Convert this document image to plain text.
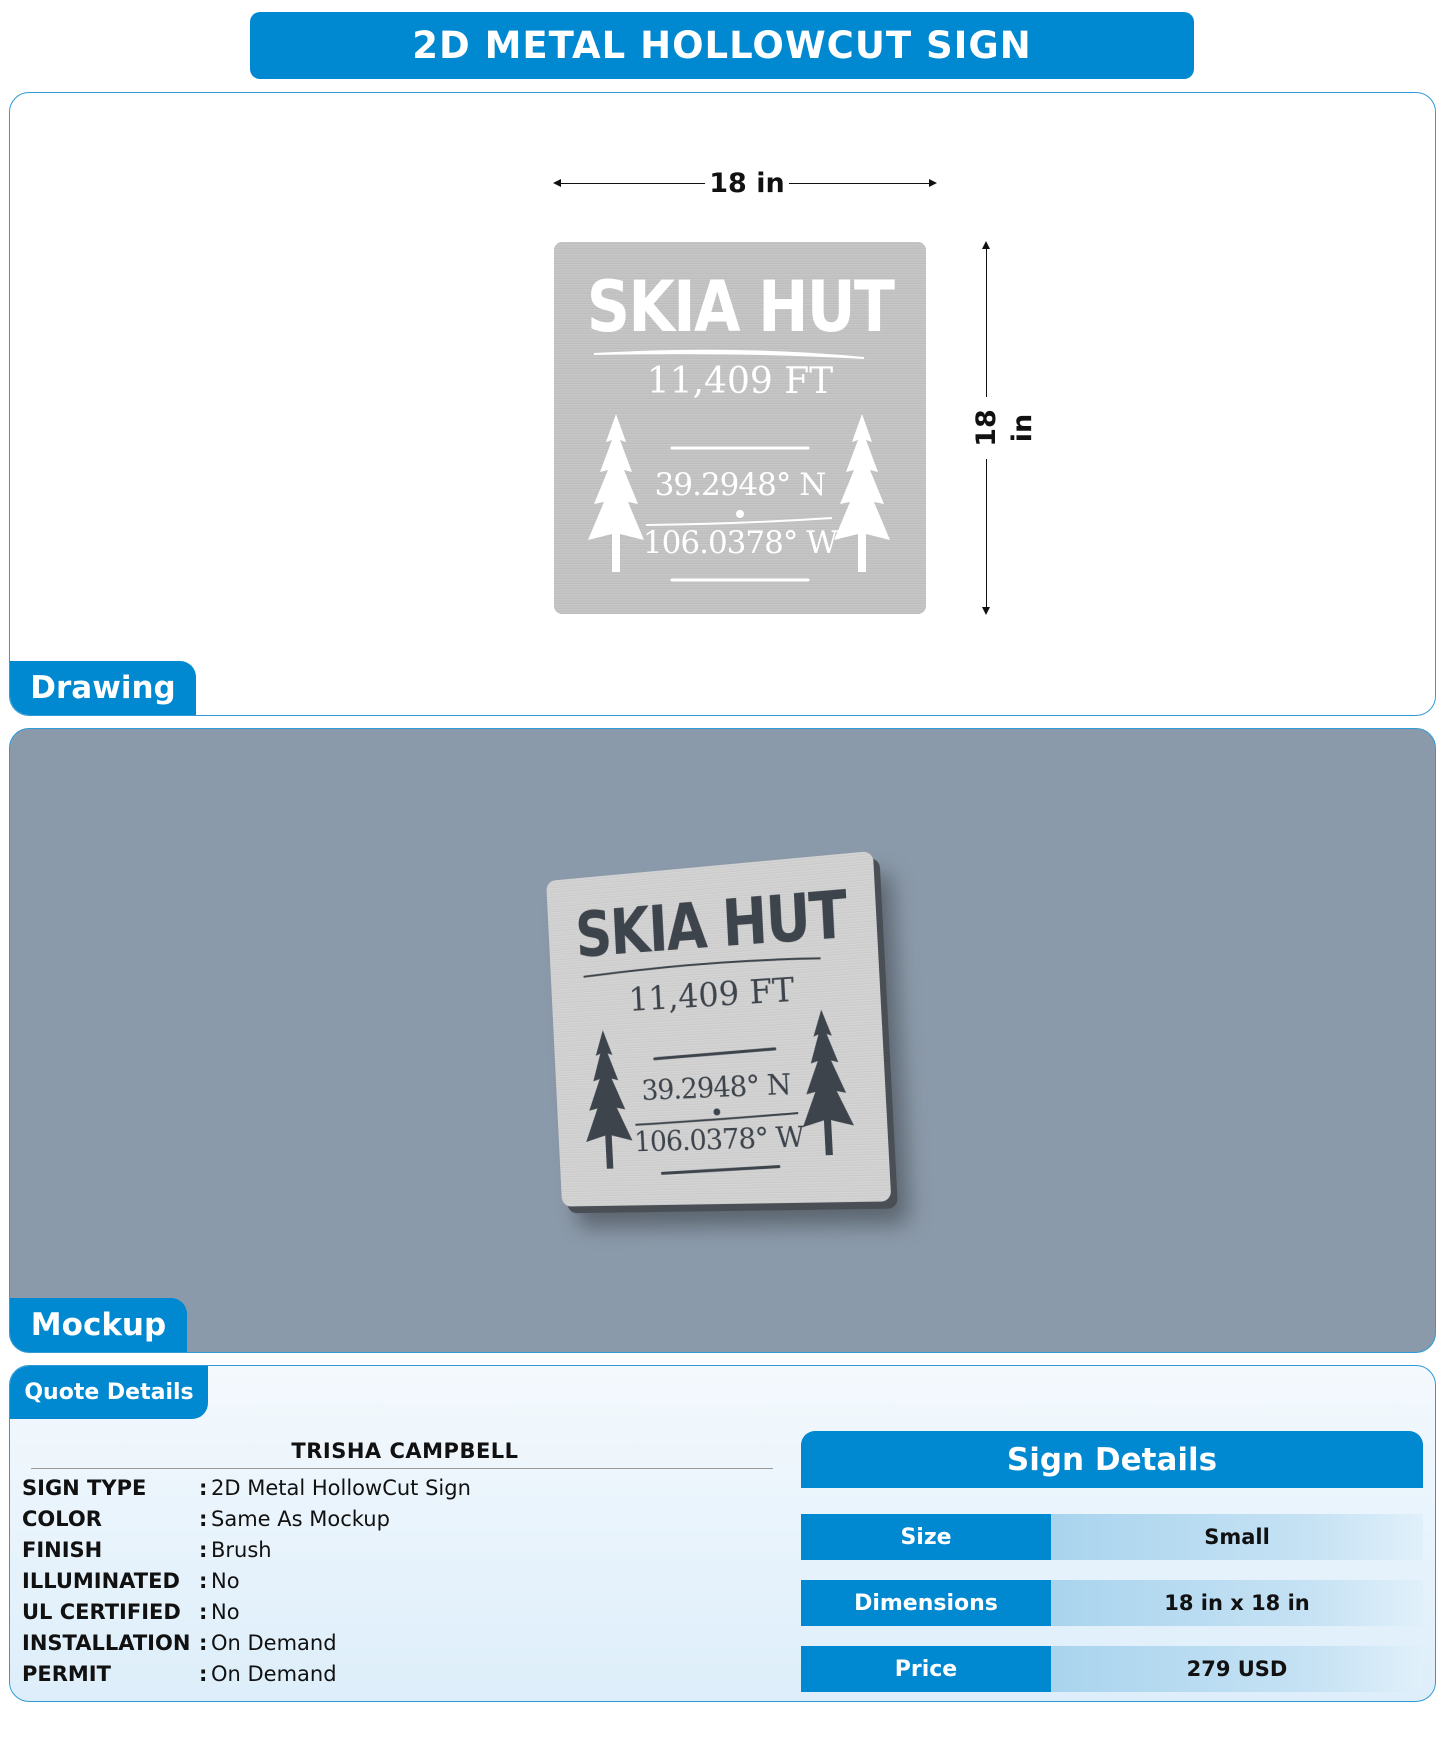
2D METAL HOLLOWCUT SIGN
18 in
18 in
SKIA HUT
11,409 FT
39.2948° N
106.0378° W
Drawing
SKIA HUT
11,409 FT
39.2948° N
106.0378° W
Mockup
Quote Details
TRISHA CAMPBELL
SIGN TYPE	: 2D Metal HollowCut Sign
COLOR	: Same As Mockup
FINISH	: Brush
ILLUMINATED : No
UL CERTIFIED : No
INSTALLATION : On Demand
PERMIT	: On Demand
Sign Details
Size	Small
Dimensions	18 in x 18 in
Price	279 USD
